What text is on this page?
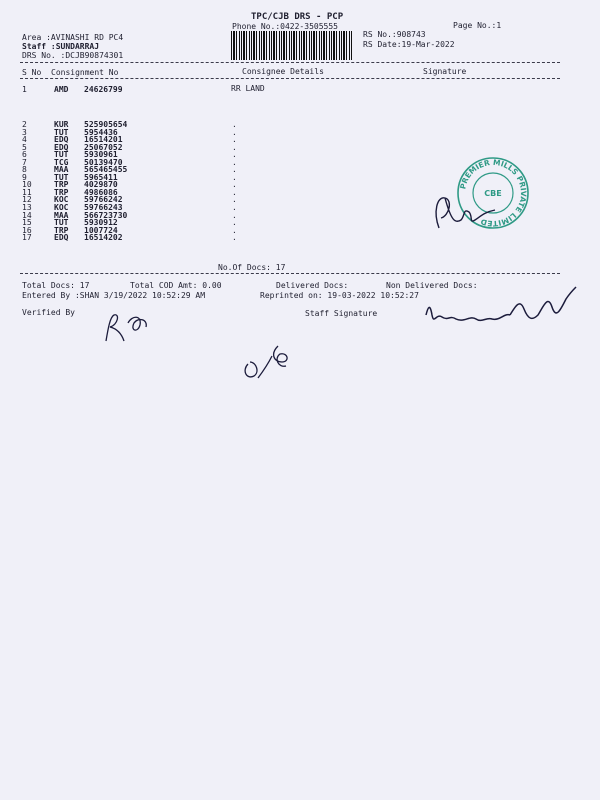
TPC/CJB DRS - PCP
Phone No.:0422-3505555	Page No.:1
Area :AVINASHI RD PC4
Staff :SUNDARRAJ
DRS No. :DCJB90874301
RS No.:908743
RS Date:19-Mar-2022
S No Consignment No	Consignee Details	Signature
1	AMD 24626799	RR LAND
2	KUR 525905654	.
3	TUT 5954436	.
4	EDQ 16514201	.
5	EDQ 25067052	.
6	TUT 5930961	.
7	TCG 50139470	.
8	MAA 565465455	.
9	TUT 5965411	.
10	TRP 4029870	.
11	TRP 4986086	.
12	KOC 59766242	.
13	KOC 59766243	.
14	MAA 566723730	.
15	TUT 5930912	.
16	TRP 1007724	.
17	EDQ 16514202	.
No.Of Docs: 17
Total Docs: 17	Total COD Amt: 0.00	Delivered Docs:	Non Delivered Docs:
Entered By :SHAN 3/19/2022 10:52:29 AM	Reprinted on: 19-03-2022 10:52:27
Verified By	Staff Signature
PREMIER MILLS PRIVATE LIMITED
CBE
